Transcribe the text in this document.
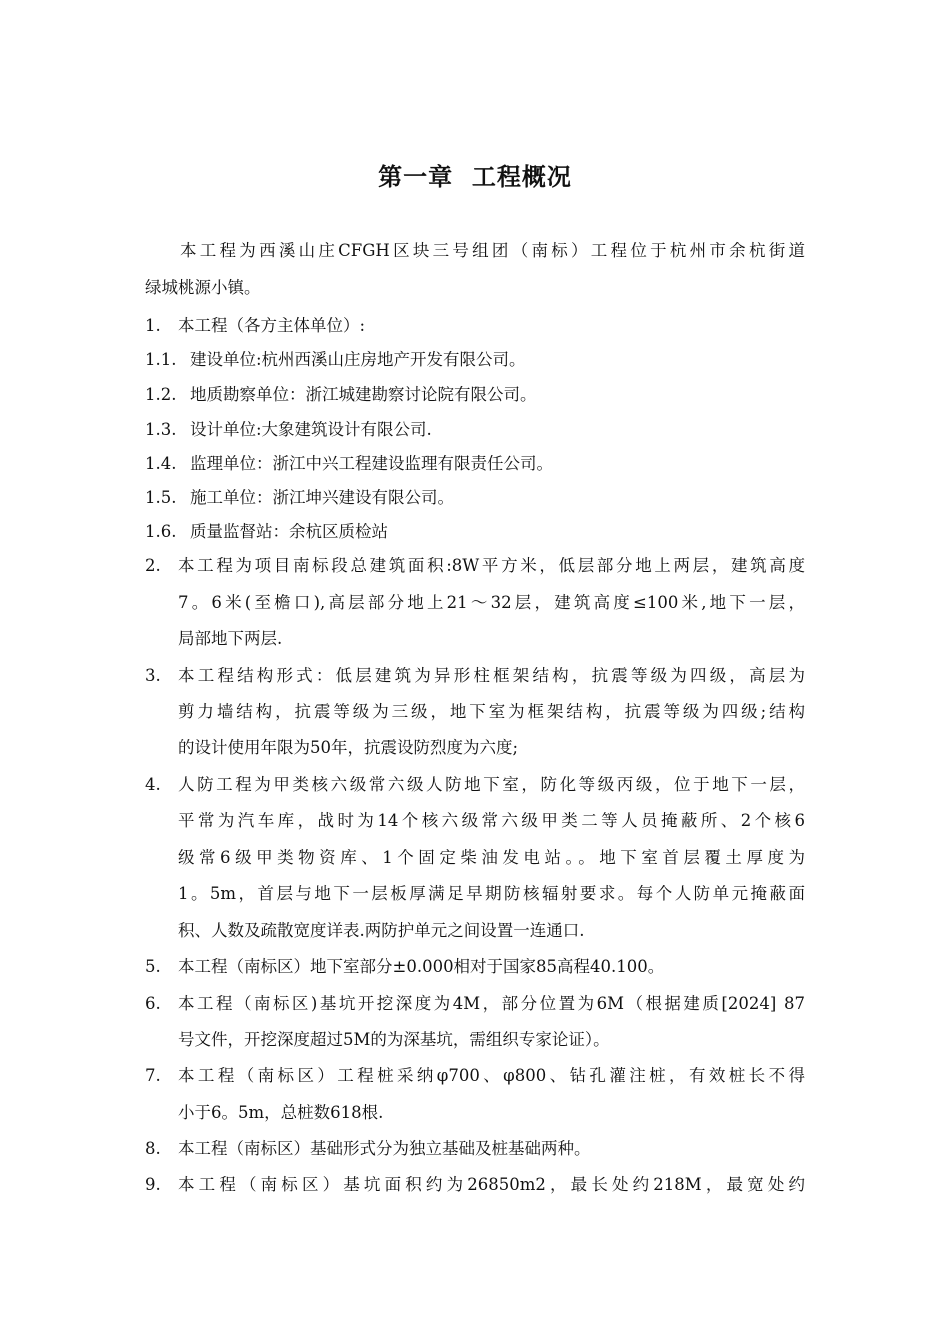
第一章  工程概况
本工程为西溪山庄CFGH区块三号组团（南标）工程位于杭州市余杭街道
绿城桃源小镇。
1. 本工程（各方主体单位）:
1.1. 建设单位:杭州西溪山庄房地产开发有限公司。
1.2. 地质勘察单位：浙江城建勘察讨论院有限公司。
1.3. 设计单位:大象建筑设计有限公司.
1.4. 监理单位：浙江中兴工程建设监理有限责任公司。
1.5. 施工单位：浙江坤兴建设有限公司。
1.6. 质量监督站：余杭区质检站
2. 本工程为项目南标段总建筑面积:8W平方米，低层部分地上两层，建筑高度
7。6米(至檐口),高层部分地上21～32层，建筑高度≤100米,地下一层，
局部地下两层.
3. 本工程结构形式：低层建筑为异形柱框架结构，抗震等级为四级，高层为
剪力墙结构，抗震等级为三级，地下室为框架结构，抗震等级为四级;结构
的设计使用年限为50年，抗震设防烈度为六度;
4. 人防工程为甲类核六级常六级人防地下室，防化等级丙级，位于地下一层，
平常为汽车库，战时为14个核六级常六级甲类二等人员掩蔽所、2个核6
级常6级甲类物资库、1个固定柴油发电站。。地下室首层覆土厚度为
1。5m，首层与地下一层板厚满足早期防核辐射要求。每个人防单元掩蔽面
积、人数及疏散宽度详表.两防护单元之间设置一连通口.
5. 本工程（南标区）地下室部分±0.000相对于国家85高程40.100。
6. 本工程（南标区)基坑开挖深度为4M，部分位置为6M（根据建质[2024] 87
号文件，开挖深度超过5M的为深基坑，需组织专家论证）。
7. 本工程（南标区）工程桩采纳φ700、φ800、钻孔灌注桩，有效桩长不得
小于6。5m，总桩数618根.
8. 本工程（南标区）基础形式分为独立基础及桩基础两种。
9. 本工程（南标区）基坑面积约为26850m2，最长处约218M，最宽处约
